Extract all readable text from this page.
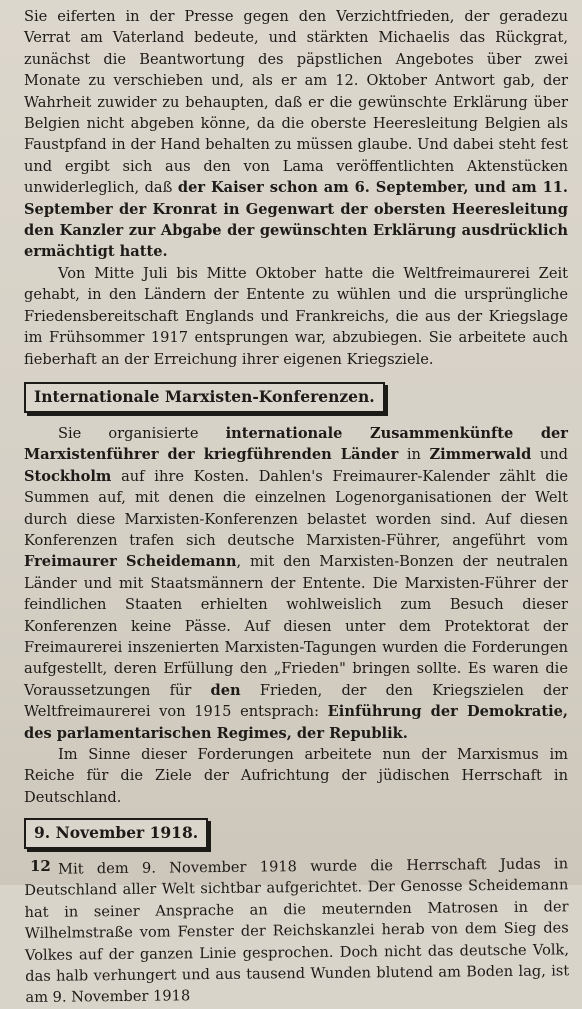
Sie eiferten in der Presse gegen den Verzichtfrieden, der geradezu Verrat am Vaterland bedeute, und stärkten Michaelis das Rückgrat, zunächst die Beantwortung des päpstlichen Angebotes über zwei Monate zu verschieben und, als er am 12. Oktober Antwort gab, der Wahrheit zuwider zu behaupten, daß er die gewünschte Erklärung über Belgien nicht abgeben könne, da die oberste Heeresleitung Belgien als Faustpfand in der Hand behalten zu müssen glaube. Und dabei steht fest und ergibt sich aus den von Lama veröffentlichten Aktenstücken unwiderleglich, daß der Kaiser schon am 6. September, und am 11. September der Kronrat in Gegenwart der obersten Heeresleitung den Kanzler zur Abgabe der gewünschten Erklärung ausdrücklich ermächtigt hatte.

Von Mitte Juli bis Mitte Oktober hatte die Weltfreimaurerei Zeit gehabt, in den Ländern der Entente zu wühlen und die ursprüngliche Friedensbereitschaft Englands und Frankreichs, die aus der Kriegslage im Frühsommer 1917 entsprungen war, abzubiegen. Sie arbeitete auch fieberhaft an der Erreichung ihrer eigenen Kriegsziele.

Internationale Marxisten-Konferenzen.

Sie organisierte internationale Zusammenkünfte der Marxistenführer der kriegführenden Länder in Zimmerwald und Stockholm auf ihre Kosten. Dahlen's Freimaurer-Kalender zählt die Summen auf, mit denen die einzelnen Logenorganisationen der Welt durch diese Marxisten-Konferenzen belastet worden sind. Auf diesen Konferenzen trafen sich deutsche Marxisten-Führer, angeführt vom Freimaurer Scheidemann, mit den Marxisten-Bonzen der neutralen Länder und mit Staatsmännern der Entente. Die Marxisten-Führer der feindlichen Staaten erhielten wohlweislich zum Besuch dieser Konferenzen keine Pässe. Auf diesen unter dem Protektorat der Freimaurerei inszenierten Marxisten-Tagungen wurden die Forderungen aufgestellt, deren Erfüllung den „Frieden" bringen sollte. Es waren die Voraussetzungen für den Frieden, der den Kriegszielen der Weltfreimaurerei von 1915 entsprach: Einführung der Demokratie, des parlamentarischen Regimes, der Republik.

Im Sinne dieser Forderungen arbeitete nun der Marxismus im Reiche für die Ziele der Aufrichtung der jüdischen Herrschaft in Deutschland.

9. November 1918.

Mit dem 9. November 1918 wurde die Herrschaft Judas in Deutschland aller Welt sichtbar aufgerichtet. Der Genosse Scheidemann hat in seiner Ansprache an die meuternden Matrosen in der Wilhelmstraße vom Fenster der Reichskanzlei herab von dem Sieg des Volkes auf der ganzen Linie gesprochen. Doch nicht das deutsche Volk, das halb verhungert und aus tausend Wunden blutend am Boden lag, ist am 9. November 1918

12
